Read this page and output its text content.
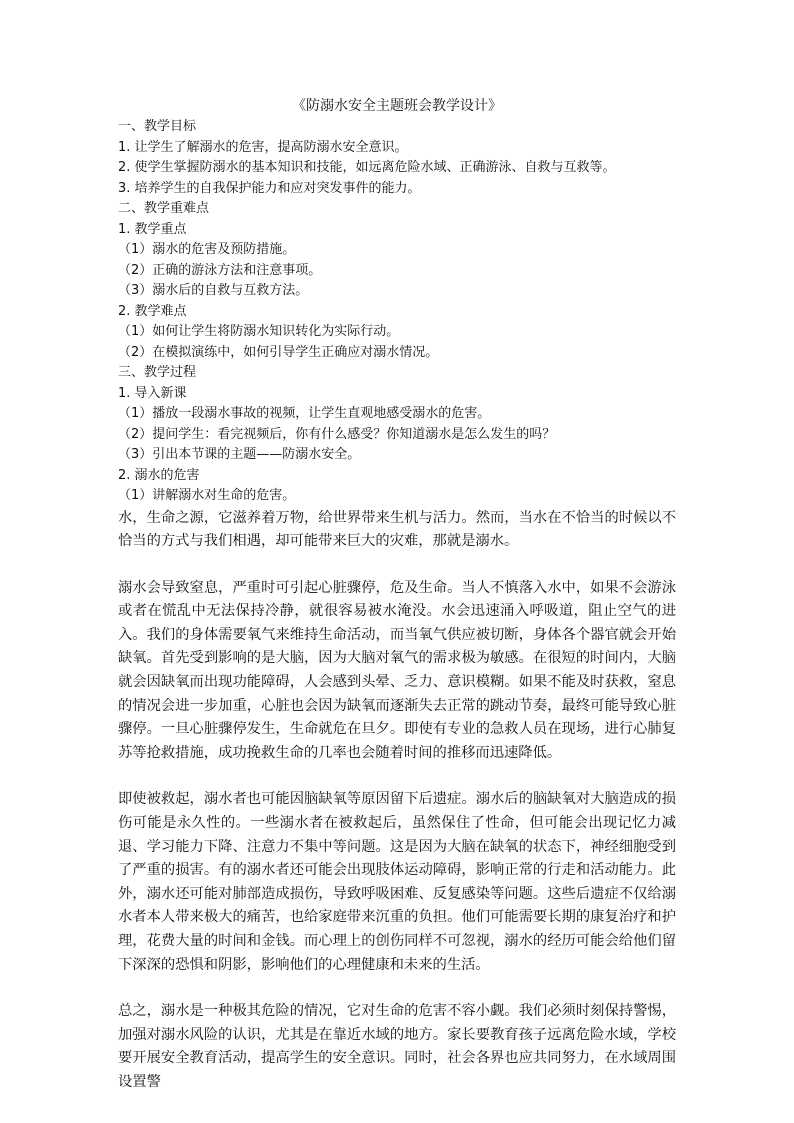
《防溺水安全主题班会教学设计》
一、教学目标
1. 让学生了解溺水的危害，提高防溺水安全意识。
2. 使学生掌握防溺水的基本知识和技能，如远离危险水域、正确游泳、自救与互救等。
3. 培养学生的自我保护能力和应对突发事件的能力。
二、教学重难点
1. 教学重点
（1）溺水的危害及预防措施。
（2）正确的游泳方法和注意事项。
（3）溺水后的自救与互救方法。
2. 教学难点
（1）如何让学生将防溺水知识转化为实际行动。
（2）在模拟演练中，如何引导学生正确应对溺水情况。
三、教学过程
1. 导入新课
（1）播放一段溺水事故的视频，让学生直观地感受溺水的危害。
（2）提问学生：看完视频后，你有什么感受？你知道溺水是怎么发生的吗？
（3）引出本节课的主题——防溺水安全。
2. 溺水的危害
（1）讲解溺水对生命的危害。

水，生命之源，它滋养着万物，给世界带来生机与活力。然而，当水在不恰当的时候以不恰当的方式与我们相遇，却可能带来巨大的灾难，那就是溺水。

溺水会导致窒息，严重时可引起心脏骤停，危及生命。当人不慎落入水中，如果不会游泳或者在慌乱中无法保持冷静，就很容易被水淹没。水会迅速涌入呼吸道，阻止空气的进入。我们的身体需要氧气来维持生命活动，而当氧气供应被切断，身体各个器官就会开始缺氧。首先受到影响的是大脑，因为大脑对氧气的需求极为敏感。在很短的时间内，大脑就会因缺氧而出现功能障碍，人会感到头晕、乏力、意识模糊。如果不能及时获救，窒息的情况会进一步加重，心脏也会因为缺氧而逐渐失去正常的跳动节奏，最终可能导致心脏骤停。一旦心脏骤停发生，生命就危在旦夕。即使有专业的急救人员在现场，进行心肺复苏等抢救措施，成功挽救生命的几率也会随着时间的推移而迅速降低。

即使被救起，溺水者也可能因脑缺氧等原因留下后遗症。溺水后的脑缺氧对大脑造成的损伤可能是永久性的。一些溺水者在被救起后，虽然保住了性命，但可能会出现记忆力减退、学习能力下降、注意力不集中等问题。这是因为大脑在缺氧的状态下，神经细胞受到了严重的损害。有的溺水者还可能会出现肢体运动障碍，影响正常的行走和活动能力。此外，溺水还可能对肺部造成损伤，导致呼吸困难、反复感染等问题。这些后遗症不仅给溺水者本人带来极大的痛苦，也给家庭带来沉重的负担。他们可能需要长期的康复治疗和护理，花费大量的时间和金钱。而心理上的创伤同样不可忽视，溺水的经历可能会给他们留下深深的恐惧和阴影，影响他们的心理健康和未来的生活。

总之，溺水是一种极其危险的情况，它对生命的危害不容小觑。我们必须时刻保持警惕，加强对溺水风险的认识，尤其是在靠近水域的地方。家长要教育孩子远离危险水域，学校要开展安全教育活动，提高学生的安全意识。同时，社会各界也应共同努力，在水域周围设置警
